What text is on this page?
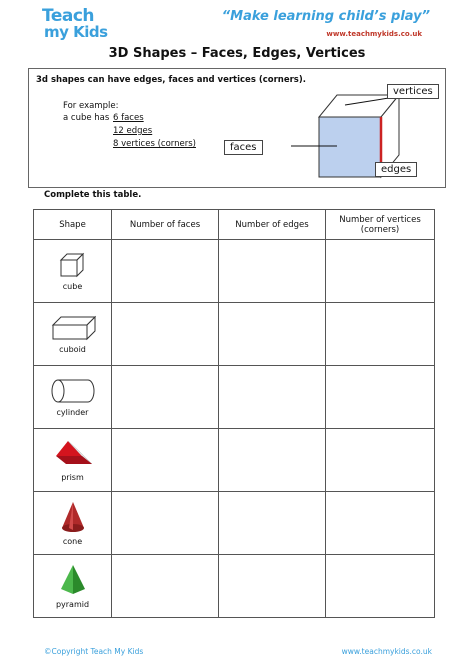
Teach
my Kids
“Make learning child’s play”
www.teachmykids.co.uk
3D Shapes – Faces, Edges, Vertices
3d shapes can have edges, faces and vertices (corners).
For example:
a cube has 6 faces
12 edges
8 vertices (corners)
vertices
faces
edges
Complete this table.
Shape	Number of faces	Number of edges	Number of vertices
(corners)

cube			

cuboid			

cylinder			

prism			

cone			

pyramid			

©Copyright Teach My Kids	www.teachmykids.co.uk
